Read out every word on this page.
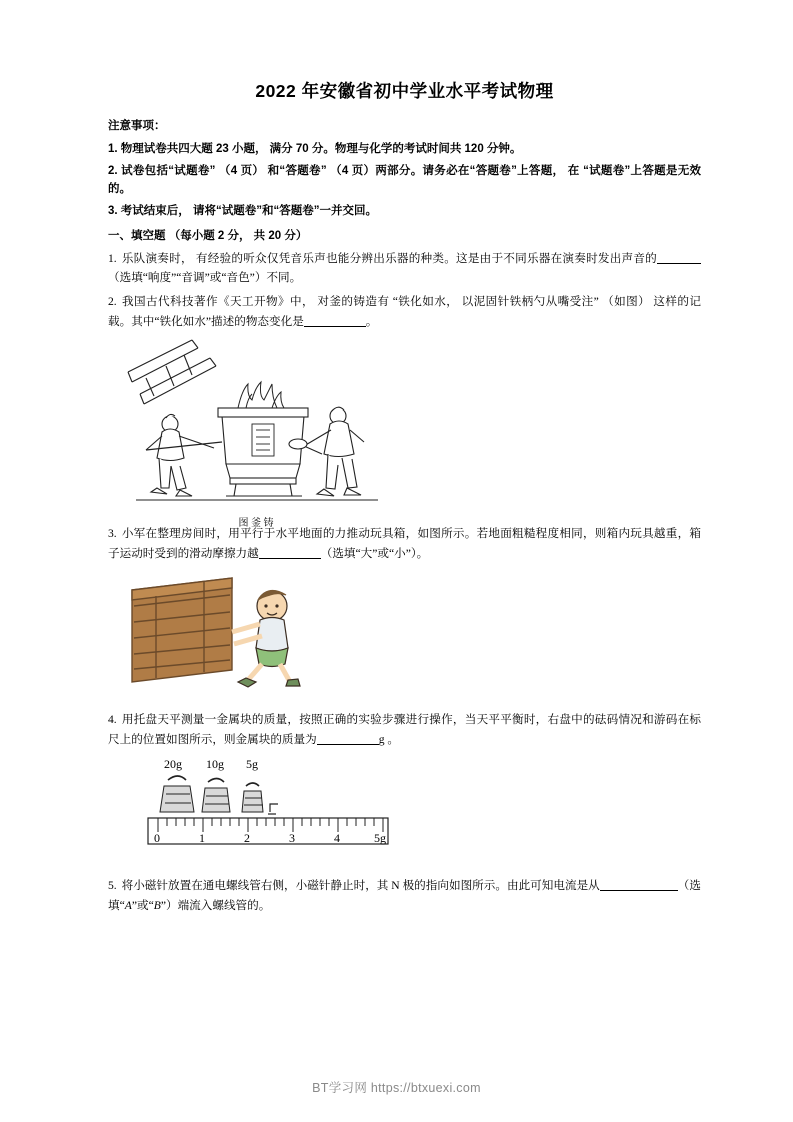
2022 年安徽省初中学业水平考试物理
注意事项：
1. 物理试卷共四大题 23 小题， 满分 70 分。物理与化学的考试时间共 120 分钟。
2. 试卷包括“试题卷” （4 页） 和“答题卷” （4 页）两部分。请务必在“答题卷”上答题， 在 “试题卷”上答题是无效的。
3. 考试结束后， 请将“试题卷”和“答题卷”一并交回。
一、填空题 （每小题 2 分， 共 20 分）
1. 乐队演奏时， 有经验的听众仅凭音乐声也能分辨出乐器的种类。这是由于不同乐器在演奏时发出声音的（选填“响度”“音调”或“音色”）不同。
2. 我国古代科技著作《天工开物》中， 对釜的铸造有 “铁化如水， 以泥固针铁柄勺从嘴受注” （如图） 这样的记载。其中“铁化如水”描述的物态变化是	。
图 釜 铸
3. 小军在整理房间时，用平行于水平地面的力推动玩具箱，如图所示。若地面粗糙程度相同，则箱内玩具越重，箱子运动时受到的滑动摩擦力越	（选填“大”或“小”）。
4. 用托盘天平测量一金属块的质量，按照正确的实验步骤进行操作，当天平平衡时，右盘中的砝码情况和游码在标尺上的位置如图所示，则金属块的质量为	g 。
20g 10g 5g
0	1	2	3	4	5g
5. 将小磁针放置在通电螺线管右侧，小磁针静止时，其 N 极的指向如图所示。由此可知电流是从	（选填“A”或“B”）端流入螺线管的。
BT学习网 https://btxuexi.com
